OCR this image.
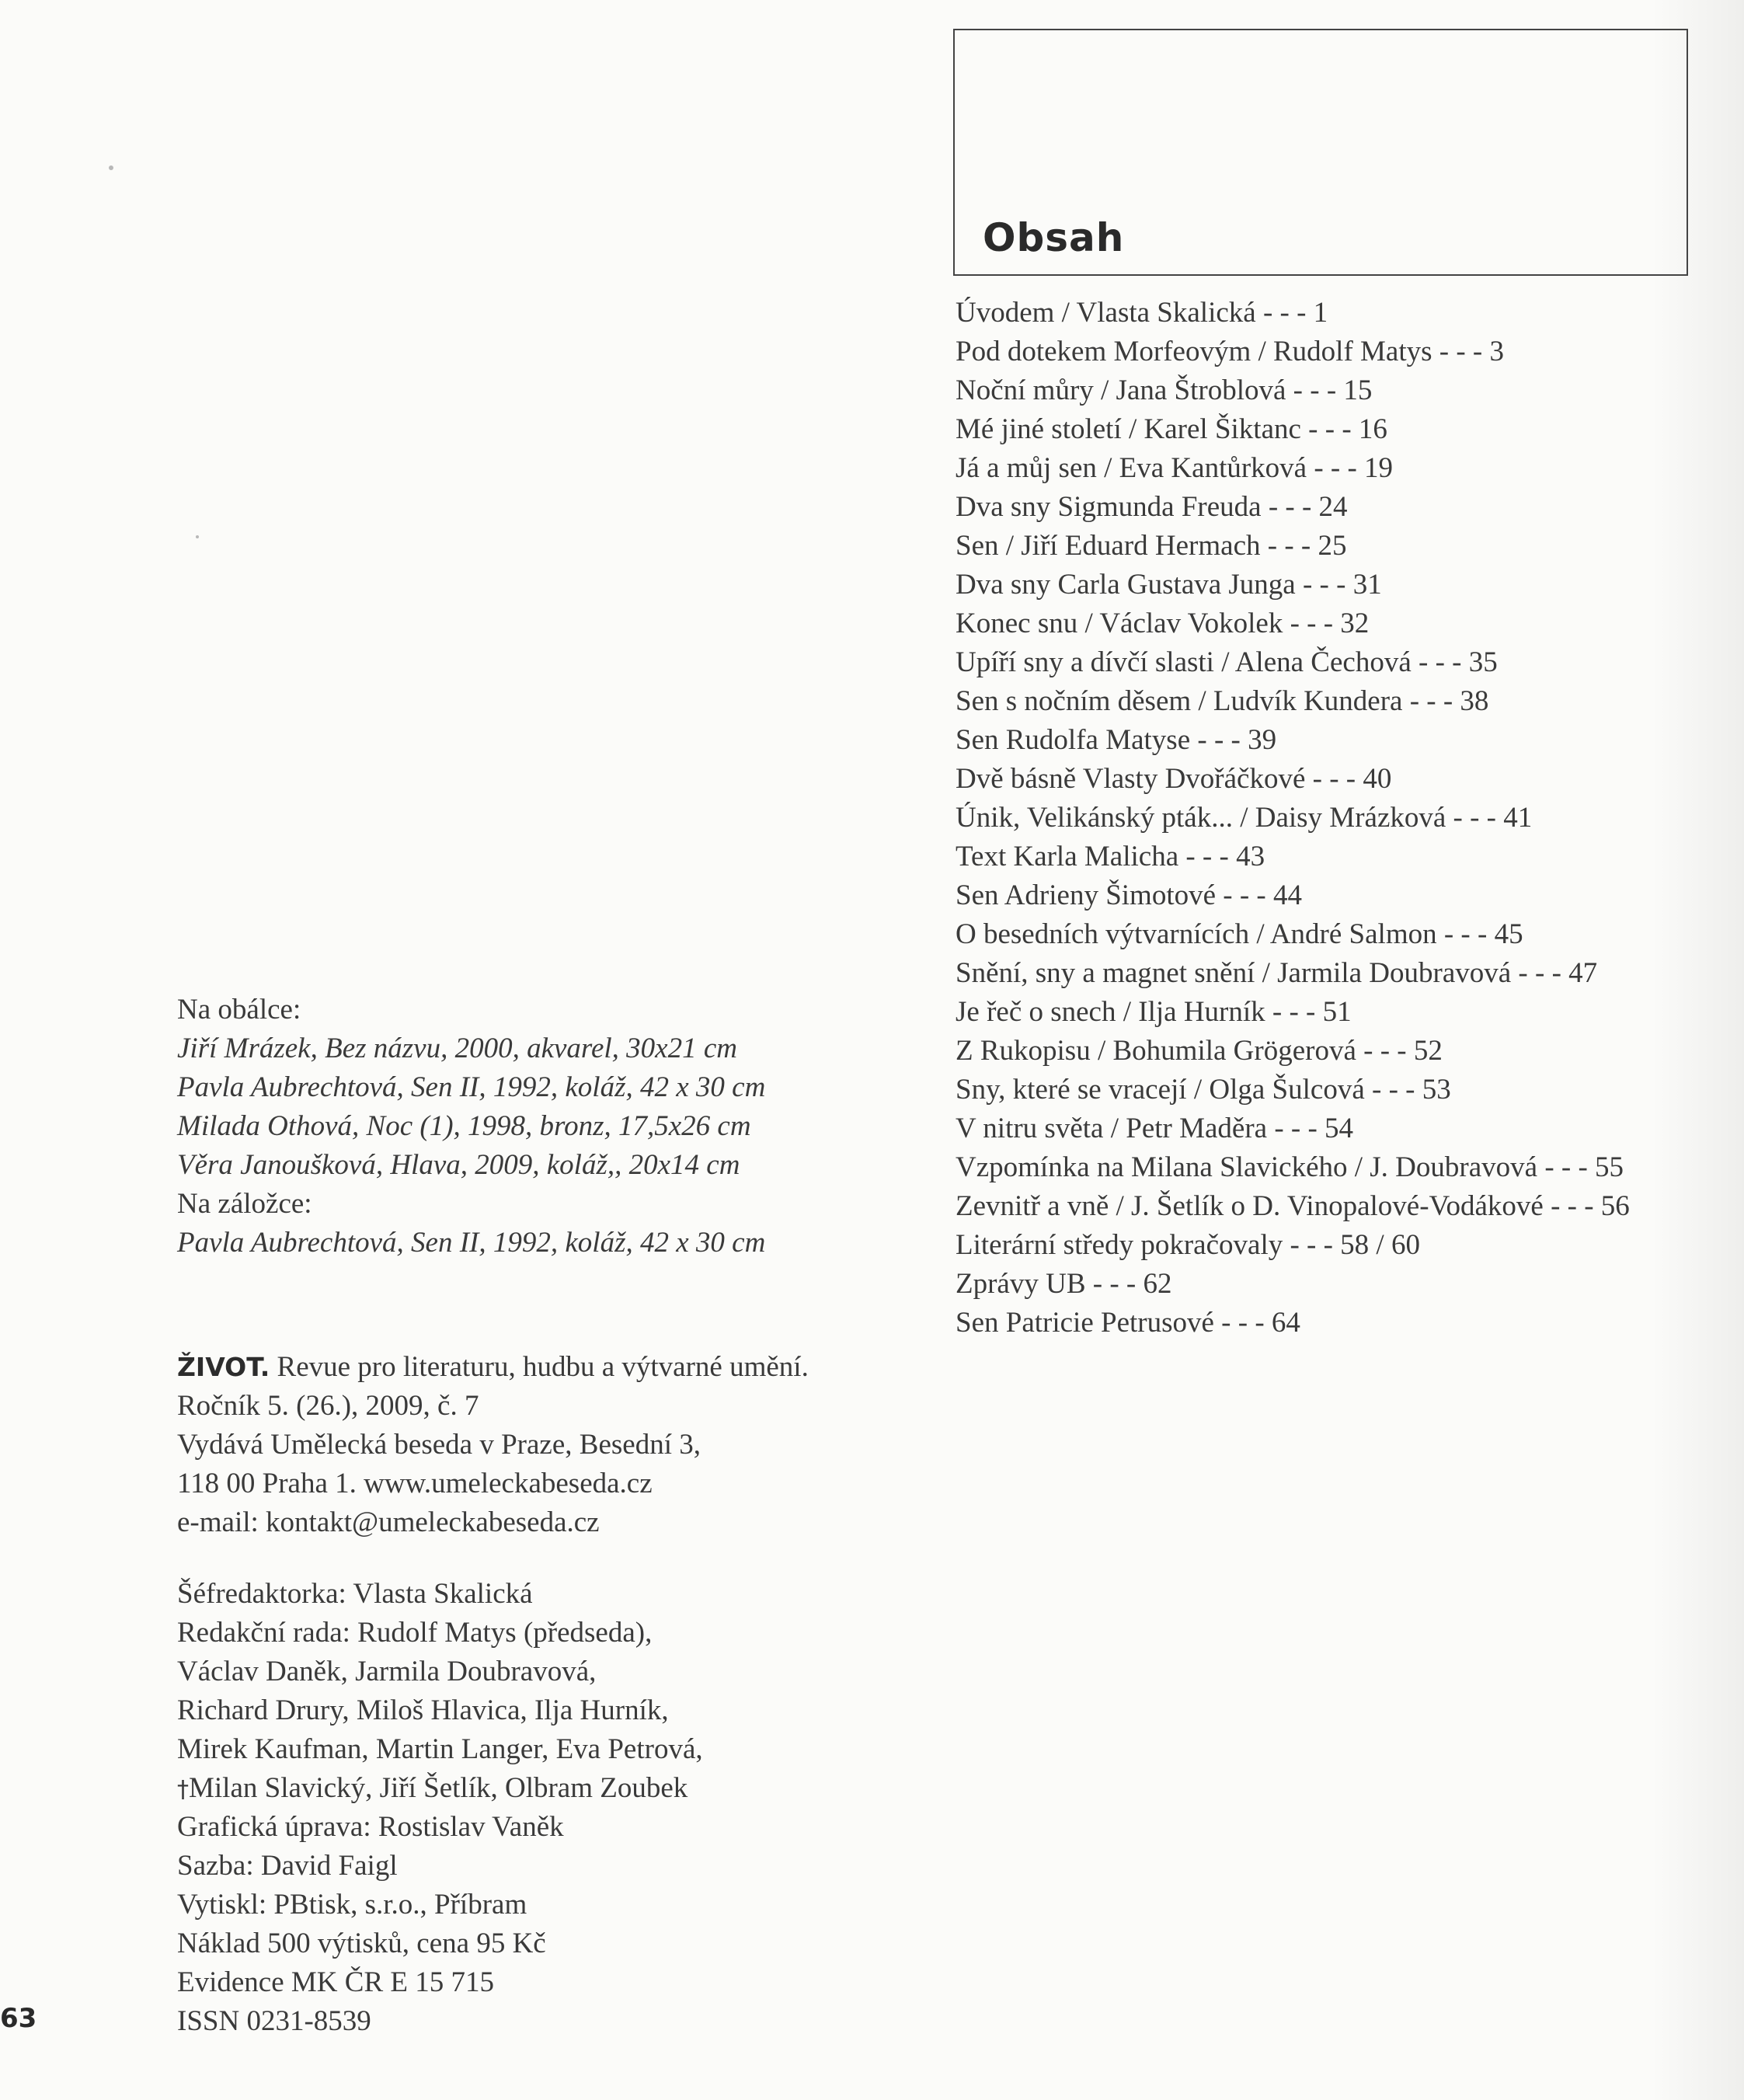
Obsah
Úvodem / Vlasta Skalická - - - 1
Pod dotekem Morfeovým / Rudolf Matys - - - 3
Noční můry / Jana Štroblová - - - 15
Mé jiné století / Karel Šiktanc - - - 16
Já a můj sen / Eva Kantůrková - - - 19
Dva sny Sigmunda Freuda - - - 24
Sen / Jiří Eduard Hermach - - - 25
Dva sny Carla Gustava Junga - - - 31
Konec snu / Václav Vokolek - - - 32
Upíří sny a dívčí slasti / Alena Čechová - - - 35
Sen s nočním děsem / Ludvík Kundera - - - 38
Sen Rudolfa Matyse - - - 39
Dvě básně Vlasty Dvořáčkové - - - 40
Únik, Velikánský pták... / Daisy Mrázková - - - 41
Text Karla Malicha - - - 43
Sen Adrieny Šimotové - - - 44
O besedních výtvarnících / André Salmon - - - 45
Snění, sny a magnet snění / Jarmila Doubravová - - - 47
Je řeč o snech / Ilja Hurník - - - 51
Z Rukopisu / Bohumila Grögerová - - - 52
Sny, které se vracejí / Olga Šulcová - - - 53
V nitru světa / Petr Maděra - - - 54
Vzpomínka na Milana Slavického / J. Doubravová - - - 55
Zevnitř a vně / J. Šetlík o D. Vinopalové-Vodákové - - - 56
Literární středy pokračovaly - - - 58 / 60
Zprávy UB - - - 62
Sen Patricie Petrusové - - - 64
Na obálce:
Jiří Mrázek, Bez názvu, 2000, akvarel, 30x21 cm
Pavla Aubrechtová, Sen II, 1992, koláž, 42 x 30 cm
Milada Othová, Noc (1), 1998, bronz, 17,5x26 cm
Věra Janoušková, Hlava, 2009, koláž,, 20x14 cm
Na záložce:
Pavla Aubrechtová, Sen II, 1992, koláž, 42 x 30 cm
ŽIVOT. Revue pro literaturu, hudbu a výtvarné umění.
Ročník 5. (26.), 2009, č. 7
Vydává Umělecká beseda v Praze, Besední 3,
118 00 Praha 1. www.umeleckabeseda.cz
e-mail: kontakt@umeleckabeseda.cz
Šéfredaktorka: Vlasta Skalická
Redakční rada: Rudolf Matys (předseda),
Václav Daněk, Jarmila Doubravová,
Richard Drury, Miloš Hlavica, Ilja Hurník,
Mirek Kaufman, Martin Langer, Eva Petrová,
†Milan Slavický, Jiří Šetlík, Olbram Zoubek
Grafická úprava: Rostislav Vaněk
Sazba: David Faigl
Vytiskl: PBtisk, s.r.o., Příbram
Náklad 500 výtisků, cena 95 Kč
Evidence MK ČR E 15 715
ISSN 0231-8539

63
